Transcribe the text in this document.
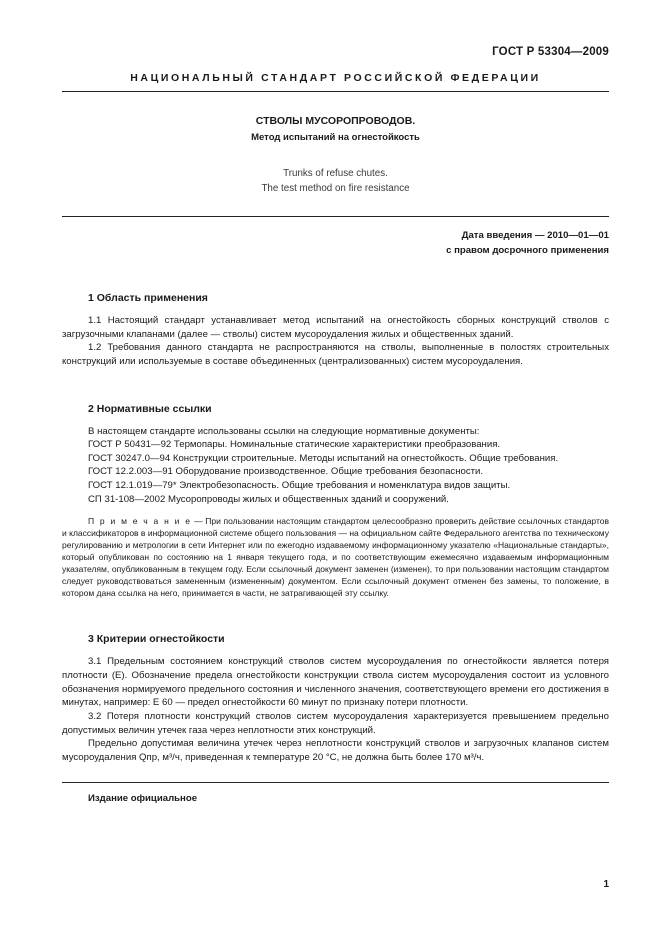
ГОСТ Р 53304—2009
НАЦИОНАЛЬНЫЙ СТАНДАРТ РОССИЙСКОЙ ФЕДЕРАЦИИ
СТВОЛЫ МУСОРОПРОВОДОВ.
Метод испытаний на огнестойкость
Trunks of refuse chutes.
The test method on fire resistance
Дата введения — 2010—01—01
с правом досрочного применения
1 Область применения

1.1 Настоящий стандарт устанавливает метод испытаний на огнестойкость сборных конструкций стволов с загрузочными клапанами (далее — стволы) систем мусороудаления жилых и общественных зданий.

1.2 Требования данного стандарта не распространяются на стволы, выполненные в полостях строительных конструкций или используемые в составе объединенных (централизованных) систем мусороудаления.

2 Нормативные ссылки

В настоящем стандарте использованы ссылки на следующие нормативные документы:

ГОСТ Р 50431—92 Термопары. Номинальные статические характеристики преобразования.

ГОСТ 30247.0—94 Конструкции строительные. Методы испытаний на огнестойкость. Общие требования.

ГОСТ 12.2.003—91 Оборудование производственное. Общие требования безопасности.

ГОСТ 12.1.019—79* Электробезопасность. Общие требования и номенклатура видов защиты.

СП 31-108—2002 Мусоропроводы жилых и общественных зданий и сооружений.

П р и м е ч а н и е — При пользовании настоящим стандартом целесообразно проверить действие ссылочных стандартов и классификаторов в информационной системе общего пользования — на официальном сайте Федерального агентства по техническому регулированию и метрологии в сети Интернет или по ежегодно издаваемому информационному указателю «Национальные стандарты», который опубликован по состоянию на 1 января текущего года, и по соответствующим ежемесячно издаваемым информационным указателям, опубликованным в текущем году. Если ссылочный документ заменен (изменен), то при пользовании настоящим стандартом следует руководствоваться замененным (измененным) документом. Если ссылочный документ отменен без замены, то положение, в котором дана ссылка на него, принимается в части, не затрагивающей эту ссылку.

3 Критерии огнестойкости

3.1 Предельным состоянием конструкций стволов систем мусороудаления по огнестойкости является потеря плотности (Е). Обозначение предела огнестойкости конструкции ствола систем мусороудаления состоит из условного обозначения нормируемого предельного состояния и численного значения, соответствующего времени его достижения в минутах, например: Е 60 — предел огнестойкости 60 минут по признаку потери плотности.

3.2 Потеря плотности конструкций стволов систем мусороудаления характеризуется превышением предельно допустимых величин утечек газа через неплотности этих конструкций.

Предельно допустимая величина утечек через неплотности конструкций стволов и загрузочных клапанов систем мусороудаления Qпр, м³/ч, приведенная к температуре 20 °С, не должна быть более 170 м³/ч.

Издание официальное
1
